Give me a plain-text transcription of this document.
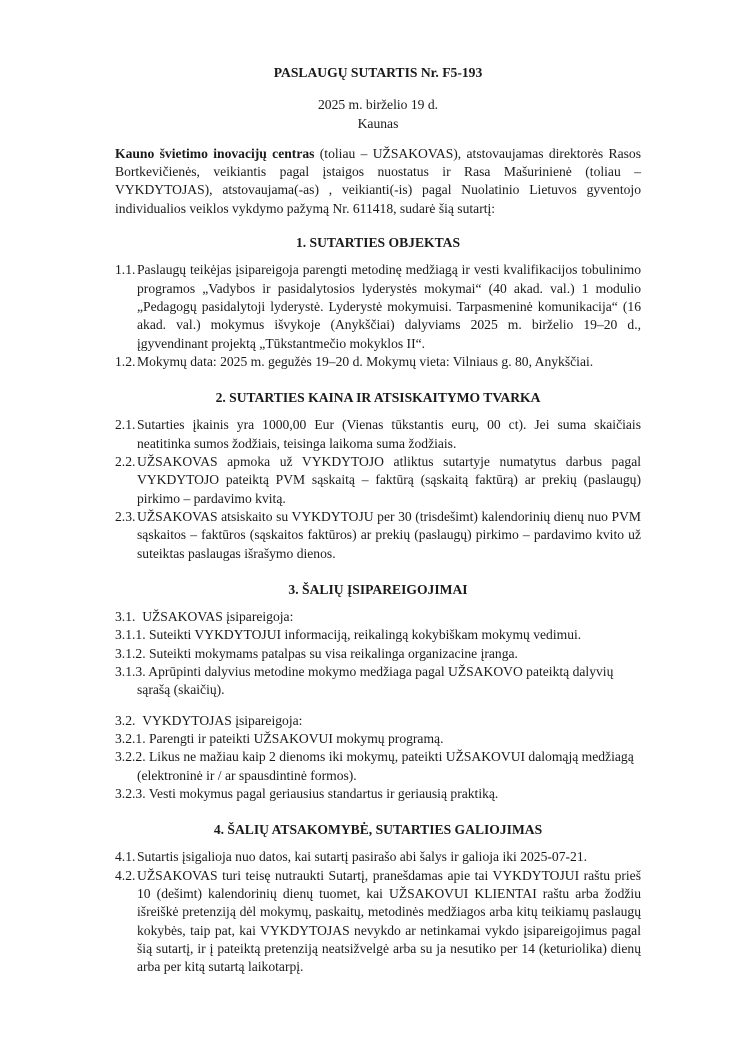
PASLAUGŲ SUTARTIS Nr. F5-193
2025 m. birželio 19 d.
Kaunas
Kauno švietimo inovacijų centras (toliau – UŽSAKOVAS), atstovaujamas direktorės Rasos Bortkevičienės, veikiantis pagal įstaigos nuostatus ir Rasa Mašurinienė (toliau – VYKDYTOJAS), atstovaujama(-as) , veikianti(-is) pagal Nuolatinio Lietuvos gyventojo individualios veiklos vykdymo pažymą Nr. 611418, sudarė šią sutartį:
1. SUTARTIES OBJEKTAS
1.1. Paslaugų teikėjas įsipareigoja parengti metodinę medžiagą ir vesti kvalifikacijos tobulinimo programos „Vadybos ir pasidalytosios lyderystės mokymai“ (40 akad. val.) 1 modulio „Pedagogų pasidalytoji lyderystė. Lyderystė mokymuisi. Tarpasmeninė komunikacija“ (16 akad. val.) mokymus išvykoje (Anykščiai) dalyviams 2025 m. birželio 19–20 d., įgyvendinant projektą „Tūkstantmečio mokyklos II“.
1.2. Mokymų data: 2025 m. gegužės 19–20 d. Mokymų vieta: Vilniaus g. 80, Anykščiai.
2. SUTARTIES KAINA IR ATSISKAITYMO TVARKA
2.1. Sutarties įkainis yra 1000,00 Eur (Vienas tūkstantis eurų, 00 ct). Jei suma skaičiais neatitinka sumos žodžiais, teisinga laikoma suma žodžiais.
2.2. UŽSAKOVAS apmoka už VYKDYTOJO atliktus sutartyje numatytus darbus pagal VYKDYTOJO pateiktą PVM sąskaitą – faktūrą (sąskaitą faktūrą) ar prekių (paslaugų) pirkimo – pardavimo kvitą.
2.3. UŽSAKOVAS atsiskaito su VYKDYTOJU per 30 (trisdešimt) kalendorinių dienų nuo PVM sąskaitos – faktūros (sąskaitos faktūros) ar prekių (paslaugų) pirkimo – pardavimo kvito už suteiktas paslaugas išrašymo dienos.
3. ŠALIŲ ĮSIPAREIGOJIMAI
3.1. UŽSAKOVAS įsipareigoja:
3.1.1. Suteikti VYKDYTOJUI informaciją, reikalingą kokybiškam mokymų vedimui.
3.1.2. Suteikti mokymams patalpas su visa reikalinga organizacine įranga.
3.1.3. Aprūpinti dalyvius metodine mokymo medžiaga pagal UŽSAKOVO pateiktą dalyvių sąrašą (skaičių).
3.2. VYKDYTOJAS įsipareigoja:
3.2.1. Parengti ir pateikti UŽSAKOVUI mokymų programą.
3.2.2. Likus ne mažiau kaip 2 dienoms iki mokymų, pateikti UŽSAKOVUI dalomąją medžiagą (elektroninė ir / ar spausdintinė formos).
3.2.3. Vesti mokymus pagal geriausius standartus ir geriausią praktiką.
4. ŠALIŲ ATSAKOMYBĖ, SUTARTIES GALIOJIMAS
4.1. Sutartis įsigalioja nuo datos, kai sutartį pasirašo abi šalys ir galioja iki 2025-07-21.
4.2. UŽSAKOVAS turi teisę nutraukti Sutartį, pranešdamas apie tai VYKDYTOJUI raštu prieš 10 (dešimt) kalendorinių dienų tuomet, kai UŽSAKOVUI KLIENTAI raštu arba žodžiu išreiškė pretenziją dėl mokymų, paskaitų, metodinės medžiagos arba kitų teikiamų paslaugų kokybės, taip pat, kai VYKDYTOJAS nevykdo ar netinkamai vykdo įsipareigojimus pagal šią sutartį, ir į pateiktą pretenziją neatsižvelgė arba su ja nesutiko per 14 (keturiolika) dienų arba per kitą sutartą laikotarpį.
